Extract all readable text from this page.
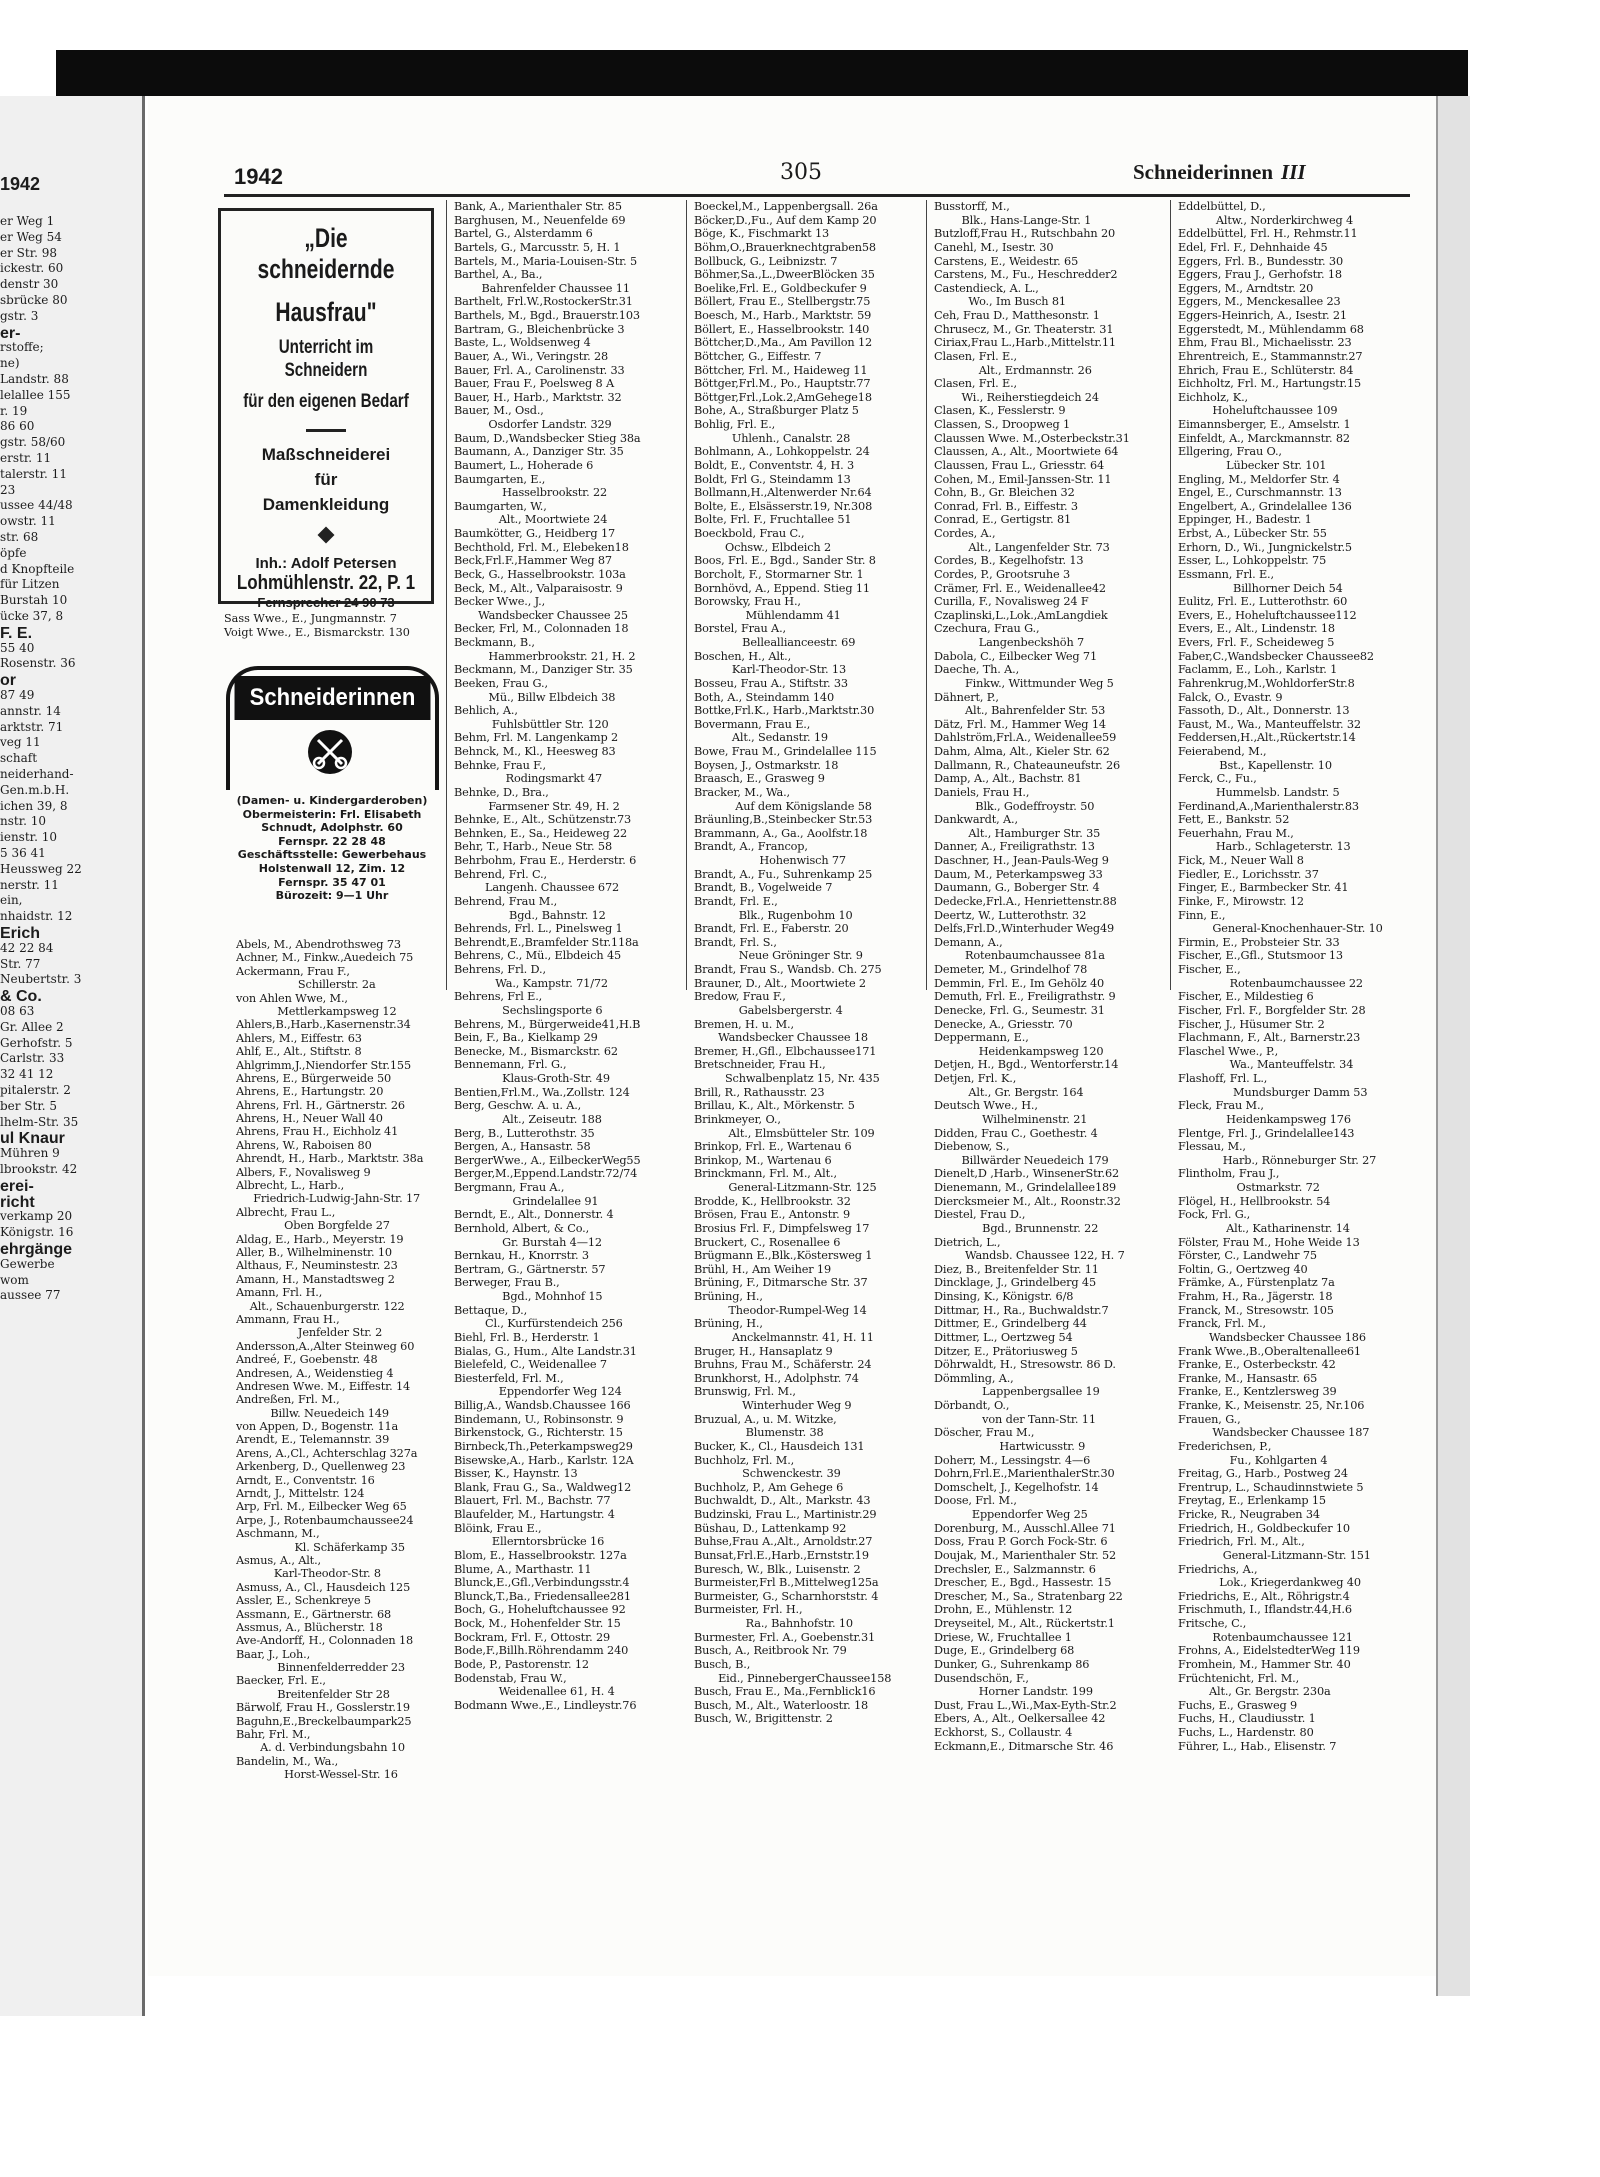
1942
er Weg 1
er Weg 54
er Str. 98
ickestr. 60
denstr 30
sbrücke 80
gstr. 3
er-
rstoffe;
ne)
Landstr. 88
lelallee 155
r. 19
86 60
gstr. 58/60
erstr. 11
talerstr. 11
23
ussee 44/48
owstr. 11
str. 68
öpfe
d Knopfteile
für Litzen
Burstah 10
ücke 37, 8
F. E.
55 40
Rosenstr. 36
or
87 49
annstr. 14
arktstr. 71
veg 11
schaft
neiderhand-
Gen.m.b.H.
ichen 39, 8
nstr. 10
ienstr. 10
5 36 41
Heussweg 22
nerstr. 11
ein,
nhaidstr. 12
Erich
42 22 84
Str. 77
Neubertstr. 3
& Co.
08 63
Gr. Allee 2
Gerhofstr. 5
Carlstr. 33
32 41 12
pitalerstr. 2
ber Str. 5
lhelm-Str. 35
ul Knaur
Mühren 9
lbrookstr. 42
erei-
richt
verkamp 20
Königstr. 16
ehrgänge
Gewerbe
wom
aussee 77
1942	305	Schneiderinnen III
„Die schneidernde
Hausfrau"
Unterricht im Schneidern
für den eigenen Bedarf
Maßschneiderei
für
Damenkleidung
Inh.: Adolf Petersen
Lohmühlenstr. 22, P. 1
Fernsprecher 24 90 73
Sass Wwe., E., Jungmannstr. 7
Voigt Wwe., E., Bismarckstr. 130
Schneiderinnen
(Damen- u. Kindergarderoben)
Obermeisterin: Frl. Elisabeth
Schnudt, Adolphstr. 60
Fernspr. 22 28 48
Geschäftsstelle: Gewerbehaus
Holstenwall 12, Zim. 12
Fernspr. 35 47 01
Bürozeit: 9—1 Uhr
Abels, M., Abendrothsweg 73
Achner, M., Finkw.,Auedeich 75
Ackermann, Frau F.,
Schillerstr. 2a
von Ahlen Wwe, M.,
Mettlerkampsweg 12
Ahlers,B.,Harb.,Kasernenstr.34
Ahlers, M., Eiffestr. 63
Ahlf, E., Alt., Stiftstr. 8
Ahlgrimm,J.,Niendorfer Str.155
Ahrens, E., Bürgerweide 50
Ahrens, E., Hartungstr. 20
Ahrens, Frl. H., Gärtnerstr. 26
Ahrens, H., Neuer Wall 40
Ahrens, Frau H., Eichholz 41
Ahrens, W., Raboisen 80
Ahrendt, H., Harb., Marktstr. 38a
Albers, F., Novalisweg 9
Albrecht, L., Harb.,
Friedrich-Ludwig-Jahn-Str. 17
Albrecht, Frau L.,
Oben Borgfelde 27
Aldag, E., Harb., Meyerstr. 19
Aller, B., Wilhelminenstr. 10
Althaus, F., Neuminstestr. 23
Amann, H., Manstadtsweg 2
Amann, Frl. H.,
Alt., Schauenburgerstr. 122
Ammann, Frau H.,
Jenfelder Str. 2
Andersson,A.,Alter Steinweg 60
Andreé, F., Goebenstr. 48
Andresen, A., Weidenstieg 4
Andresen Wwe. M., Eiffestr. 14
Andreßen, Frl. M.,
Billw. Neuedeich 149
von Appen, D., Bogenstr. 11a
Arendt, E., Telemannstr. 39
Arens, A.,Cl., Achterschlag 327a
Arkenberg, D., Quellenweg 23
Arndt, E., Conventstr. 16
Arndt, J., Mittelstr. 124
Arp, Frl. M., Eilbecker Weg 65
Arpe, J., Rotenbaumchaussee24
Aschmann, M.,
Kl. Schäferkamp 35
Asmus, A., Alt.,
Karl-Theodor-Str. 8
Asmuss, A., Cl., Hausdeich 125
Assler, E., Schenkreye 5
Assmann, E., Gärtnerstr. 68
Assmus, A., Blücherstr. 18
Ave-Andorff, H., Colonnaden 18
Baar, J., Loh.,
Binnenfelderredder 23
Baecker, Frl. E.,
Breitenfelder Str 28
Bärwolf, Frau H., Gosslerstr.19
Baguhn,E.,Breckelbaumpark25
Bahr, Frl. M.,
A. d. Verbindungsbahn 10
Bandelin, M., Wa.,
Horst-Wessel-Str. 16
Bank, A., Marienthaler Str. 85
Barghusen, M., Neuenfelde 69
Bartel, G., Alsterdamm 6
Bartels, G., Marcusstr. 5, H. 1
Bartels, M., Maria-Louisen-Str. 5
Barthel, A., Ba.,
Bahrenfelder Chaussee 11
Barthelt, Frl.W.,RostockerStr.31
Barthels, M., Bgd., Brauerstr.103
Bartram, G., Bleichenbrücke 3
Baste, L., Woldsenweg 4
Bauer, A., Wi., Veringstr. 28
Bauer, Frl. A., Carolinenstr. 33
Bauer, Frau F., Poelsweg 8 A
Bauer, H., Harb., Marktstr. 32
Bauer, M., Osd.,
Osdorfer Landstr. 329
Baum, D.,Wandsbecker Stieg 38a
Baumann, A., Danziger Str. 35
Baumert, L., Hoherade 6
Baumgarten, E.,
Hasselbrookstr. 22
Baumgarten, W.,
Alt., Moortwiete 24
Baumkötter, G., Heidberg 17
Bechthold, Frl. M., Elebeken18
Beck,Frl.F.,Hammer Weg 87
Beck, G., Hasselbrookstr. 103a
Beck, M., Alt., Valparaisostr. 9
Becker Wwe., J.,
Wandsbecker Chaussee 25
Becker, Frl, M., Colonnaden 18
Beckmann, B.,
Hammerbrookstr. 21, H. 2
Beckmann, M., Danziger Str. 35
Beeken, Frau G.,
Mü., Billw Elbdeich 38
Behlich, A.,
Fuhlsbüttler Str. 120
Behm, Frl. M. Langenkamp 2
Behnck, M., Kl., Heesweg 83
Behnke, Frau F.,
Rodingsmarkt 47
Behnke, D., Bra.,
Farmsener Str. 49, H. 2
Behnke, E., Alt., Schützenstr.73
Behnken, E., Sa., Heideweg 22
Behr, T., Harb., Neue Str. 58
Behrbohm, Frau E., Herderstr. 6
Behrend, Frl. C.,
Langenh. Chaussee 672
Behrend, Frau M.,
Bgd., Bahnstr. 12
Behrends, Frl. L., Pinelsweg 1
Behrendt,E.,Bramfelder Str.118a
Behrens, C., Mü., Elbdeich 45
Behrens, Frl. D.,
Wa., Kampstr. 71/72
Behrens, Frl E.,
Sechslingsporte 6
Behrens, M., Bürgerweide41,H.B
Bein, F., Ba., Kielkamp 29
Benecke, M., Bismarckstr. 62
Bennemann, Frl. G.,
Klaus-Groth-Str. 49
Bentien,Frl.M., Wa.,Zollstr. 124
Berg, Geschw. A. u. A.,
Alt., Zeiseutr. 188
Berg, B., Lutterothstr. 35
Bergen, A., Hansastr. 58
BergerWwe., A., EilbeckerWeg55
Berger,M.,Eppend.Landstr.72/74
Bergmann, Frau A.,
Grindelallee 91
Berndt, E., Alt., Donnerstr. 4
Bernhold, Albert, & Co.,
Gr. Burstah 4—12
Bernkau, H., Knorrstr. 3
Bertram, G., Gärtnerstr. 57
Berweger, Frau B.,
Bgd., Mohnhof 15
Bettaque, D.,
Cl., Kurfürstendeich 256
Biehl, Frl. B., Herderstr. 1
Bialas, G., Hum., Alte Landstr.31
Bielefeld, C., Weidenallee 7
Biesterfeld, Frl. M.,
Eppendorfer Weg 124
Billig,A., Wandsb.Chaussee 166
Bindemann, U., Robinsonstr. 9
Birkenstock, G., Richterstr. 15
Birnbeck,Th.,Peterkampsweg29
Bisewske,A., Harb., Karlstr. 12A
Bisser, K., Haynstr. 13
Blank, Frau G., Sa., Waldweg12
Blauert, Frl. M., Bachstr. 77
Blaufelder, M., Hartungstr. 4
Blöink, Frau E.,
Ellerntorsbrücke 16
Blom, E., Hasselbrookstr. 127a
Blume, A., Marthastr. 11
Blunck,E.,Gfl.,Verbindungsstr.4
Blunck,T.,Ba., Friedensallee281
Boch, G., Hoheluftchaussee 92
Bock, M., Hohenfelder Str. 15
Bockram, Frl. F., Ottostr. 29
Bode,F.,Billh.Röhrendamm 240
Bode, P., Pastorenstr. 12
Bodenstab, Frau W.,
Weidenallee 61, H. 4
Bodmann Wwe.,E., Lindleystr.76
Boeckel,M., Lappenbergsall. 26a
Böcker,D.,Fu., Auf dem Kamp 20
Böge, K., Fischmarkt 13
Böhm,O.,Brauerknechtgraben58
Bollbuck, G., Leibnizstr. 7
Böhmer,Sa.,L.,DweerBlöcken 35
Boelike,Frl. E., Goldbeckufer 9
Böllert, Frau E., Stellbergstr.75
Boesch, M., Harb., Marktstr. 59
Böllert, E., Hasselbrookstr. 140
Böttcher,D.,Ma., Am Pavillon 12
Böttcher, G., Eiffestr. 7
Böttcher, Frl. M., Haideweg 11
Böttger,Frl.M., Po., Hauptstr.77
Böttger,Frl.,Lok.2,AmGehege18
Bohe, A., Straßburger Platz 5
Bohlig, Frl. E.,
Uhlenh., Canalstr. 28
Bohlmann, A., Lohkoppelstr. 24
Boldt, E., Conventstr. 4, H. 3
Boldt, Frl G., Steindamm 13
Bollmann,H.,Altenwerder Nr.64
Bolte, E., Elsässerstr.19, Nr.308
Bolte, Frl. F., Fruchtallee 51
Boeckbold, Frau C.,
Ochsw., Elbdeich 2
Boos, Frl. E., Bgd., Sander Str. 8
Borcholt, F., Stormarner Str. 1
Bornhövd, A., Eppend. Stieg 11
Borowsky, Frau H.,
Mühlendamm 41
Borstel, Frau A.,
Belleallianceestr. 69
Boschen, H., Alt.,
Karl-Theodor-Str. 13
Bosseu, Frau A., Stiftstr. 33
Both, A., Steindamm 140
Bottke,Frl.K., Harb.,Marktstr.30
Bovermann, Frau E.,
Alt., Sedanstr. 19
Bowe, Frau M., Grindelallee 115
Boysen, J., Ostmarkstr. 18
Braasch, E., Grasweg 9
Bracker, M., Wa.,
Auf dem Königslande 58
Bräunling,B.,Steinbecker Str.53
Brammann, A., Ga., Aoolfstr.18
Brandt, A., Francop,
Hohenwisch 77
Brandt, A., Fu., Suhrenkamp 25
Brandt, B., Vogelweide 7
Brandt, Frl. E.,
Blk., Rugenbohm 10
Brandt, Frl. E., Faberstr. 20
Brandt, Frl. S.,
Neue Gröninger Str. 9
Brandt, Frau S., Wandsb. Ch. 275
Brauner, D., Alt., Moortwiete 2
Bredow, Frau F.,
Gabelsbergerstr. 4
Bremen, H. u. M.,
Wandsbecker Chaussee 18
Bremer, H.,Gfl., Elbchaussee171
Bretschneider, Frau H.,
Schwalbenplatz 15, Nr. 435
Brill, R., Rathausstr. 23
Brillau, K., Alt., Mörkenstr. 5
Brinkmeyer, O.,
Alt., Elmsbütteler Str. 109
Brinkop, Frl. E., Wartenau 6
Brinkop, M., Wartenau 6
Brinckmann, Frl. M., Alt.,
General-Litzmann-Str. 125
Brodde, K., Hellbrookstr. 32
Brösen, Frau E., Antonstr. 9
Brosius Frl. F., Dimpfelsweg 17
Bruckert, C., Rosenallee 6
Brügmann E.,Blk.,Köstersweg 1
Brühl, H., Am Weiher 19
Brüning, F., Ditmarsche Str. 37
Brüning, H.,
Theodor-Rumpel-Weg 14
Brüning, H.,
Anckelmannstr. 41, H. 11
Bruger, H., Hansaplatz 9
Bruhns, Frau M., Schäferstr. 24
Brunkhorst, H., Adolphstr. 74
Brunswig, Frl. M.,
Winterhuder Weg 9
Bruzual, A., u. M. Witzke,
Blumenstr. 38
Bucker, K., Cl., Hausdeich 131
Buchholz, Frl. M.,
Schwenckestr. 39
Buchholz, P., Am Gehege 6
Buchwaldt, D., Alt., Markstr. 43
Budzinski, Frau L., Martinistr.29
Büshau, D., Lattenkamp 92
Buhse,Frau A.,Alt., Arnoldstr.27
Bunsat,Frl.E.,Harb.,Ernststr.19
Buresch, W., Blk., Luisenstr. 2
Burmeister,Frl B.,Mittelweg125a
Burmeister, G., Scharnhorststr. 4
Burmeister, Frl. H.,
Ra., Bahnhofstr. 10
Burmester, Frl. A., Goebenstr.31
Busch, A., Reitbrook Nr. 79
Busch, B.,
Eid., PinnebergerChaussee158
Busch, Frau E., Ma.,Fernblick16
Busch, M., Alt., Waterloostr. 18
Busch, W., Brigittenstr. 2
Busstorff, M.,
Blk., Hans-Lange-Str. 1
Butzloff,Frau H., Rutschbahn 20
Canehl, M., Isestr. 30
Carstens, E., Weidestr. 65
Carstens, M., Fu., Heschredder2
Castendieck, A. L.,
Wo., Im Busch 81
Ceh, Frau D., Matthesonstr. 1
Chrusecz, M., Gr. Theaterstr. 31
Ciriax,Frau L.,Harb.,Mittelstr.11
Clasen, Frl. E.,
Alt., Erdmannstr. 26
Clasen, Frl. E.,
Wi., Reiherstiegdeich 24
Clasen, K., Fesslerstr. 9
Classen, S., Droopweg 1
Claussen Wwe. M.,Osterbeckstr.31
Claussen, A., Alt., Moortwiete 64
Claussen, Frau L., Griesstr. 64
Cohen, M., Emil-Janssen-Str. 11
Cohn, B., Gr. Bleichen 32
Conrad, Frl. B., Eiffestr. 3
Conrad, E., Gertigstr. 81
Cordes, A.,
Alt., Langenfelder Str. 73
Cordes, B., Kegelhofstr. 13
Cordes, P., Grootsruhe 3
Crämer, Frl. E., Weidenallee42
Curilla, F., Novalisweg 24 F
Czaplinski,L.,Lok.,AmLangdiek
Czechura, Frau G.,
Langenbeckshöh 7
Dabola, C., Eilbecker Weg 71
Daeche, Th. A.,
Finkw., Wittmunder Weg 5
Dähnert, P.,
Alt., Bahrenfelder Str. 53
Dätz, Frl. M., Hammer Weg 14
Dahlström,Frl.A., Weidenallee59
Dahm, Alma, Alt., Kieler Str. 62
Dallmann, R., Chateauneufstr. 26
Damp, A., Alt., Bachstr. 81
Daniels, Frau H.,
Blk., Godeffroystr. 50
Dankwardt, A.,
Alt., Hamburger Str. 35
Danner, A., Freiligrathstr. 13
Daschner, H., Jean-Pauls-Weg 9
Daum, M., Peterkampsweg 33
Daumann, G., Boberger Str. 4
Dedecke,Frl.A., Henriettenstr.88
Deertz, W., Lutterothstr. 32
Delfs,Frl.D.,Winterhuder Weg49
Demann, A.,
Rotenbaumchaussee 81a
Demeter, M., Grindelhof 78
Demmin, Frl. E., Im Gehölz 40
Demuth, Frl. E., Freiligrathstr. 9
Denecke, Frl. G., Seumestr. 31
Denecke, A., Griesstr. 70
Deppermann, E.,
Heidenkampsweg 120
Detjen, H., Bgd., Wentorferstr.14
Detjen, Frl. K.,
Alt., Gr. Bergstr. 164
Deutsch Wwe., H.,
Wilhelminenstr. 21
Didden, Frau C., Goethestr. 4
Diebenow, S.,
Billwärder Neuedeich 179
Dienelt,D ,Harb., WinsenerStr.62
Dienemann, M., Grindelallee189
Diercksmeier M., Alt., Roonstr.32
Diestel, Frau D.,
Bgd., Brunnenstr. 22
Dietrich, L.,
Wandsb. Chaussee 122, H. 7
Diez, B., Breitenfelder Str. 11
Dincklage, J., Grindelberg 45
Dinsing, K., Königstr. 6/8
Dittmar, H., Ra., Buchwaldstr.7
Dittmer, E., Grindelberg 44
Dittmer, L., Oertzweg 54
Ditzer, E., Prätoriusweg 5
Döhrwaldt, H., Stresowstr. 86 D.
Dömmling, A.,
Lappenbergsallee 19
Dörbandt, O.,
von der Tann-Str. 11
Döscher, Frau M.,
Hartwicusstr. 9
Doherr, M., Lessingstr. 4—6
Dohrn,Frl.E.,MarienthalerStr.30
Domschelt, J., Kegelhofstr. 14
Doose, Frl. M.,
Eppendorfer Weg 25
Dorenburg, M., Ausschl.Allee 71
Doss, Frau P. Gorch Fock-Str. 6
Doujak, M., Marienthaler Str. 52
Drechsler, E., Salzmannstr. 6
Drescher, E., Bgd., Hassestr. 15
Drescher, M., Sa., Stratenbarg 22
Drohn, E., Mühlenstr. 12
Dreyseitel, M., Alt., Rückertstr.1
Driese, W., Fruchtallee 1
Duge, E., Grindelberg 68
Dunker, G., Suhrenkamp 86
Dusendschön, F.,
Horner Landstr. 199
Dust, Frau L.,Wi.,Max-Eyth-Str.2
Ebers, A., Alt., Oelkersallee 42
Eckhorst, S., Collaustr. 4
Eckmann,E., Ditmarsche Str. 46
Eddelbüttel, D.,
Altw., Norderkirchweg 4
Eddelbüttel, Frl. H., Rehmstr.11
Edel, Frl. F., Dehnhaide 45
Eggers, Frl. B., Bundesstr. 30
Eggers, Frau J., Gerhofstr. 18
Eggers, M., Arndtstr. 20
Eggers, M., Menckesallee 23
Eggers-Heinrich, A., Isestr. 21
Eggerstedt, M., Mühlendamm 68
Ehm, Frau Bl., Michaelisstr. 23
Ehrentreich, E., Stammannstr.27
Ehrich, Frau E., Schlüterstr. 84
Eichholtz, Frl. M., Hartungstr.15
Eichholz, K.,
Hoheluftchaussee 109
Eimannsberger, E., Amselstr. 1
Einfeldt, A., Marckmannstr. 82
Ellgering, Frau O.,
Lübecker Str. 101
Engling, M., Meldorfer Str. 4
Engel, E., Curschmannstr. 13
Engelbert, A., Grindelallee 136
Eppinger, H., Badestr. 1
Erbst, A., Lübecker Str. 55
Erhorn, D., Wi., Jungnickelstr.5
Esser, L., Lohkoppelstr. 75
Essmann, Frl. E.,
Billhorner Deich 54
Eulitz, Frl. E., Lutterothstr. 60
Evers, E., Hoheluftchaussee112
Evers, E., Alt., Lindenstr. 18
Evers, Frl. F., Scheideweg 5
Faber,C.,Wandsbecker Chaussee82
Faclamm, E., Loh., Karlstr. 1
Fahrenkrug,M.,WohldorferStr.8
Falck, O., Evastr. 9
Fassoth, D., Alt., Donnerstr. 13
Faust, M., Wa., Manteuffelstr. 32
Feddersen,H.,Alt.,Rückertstr.14
Feierabend, M.,
Bst., Kapellenstr. 10
Ferck, C., Fu.,
Hummelsb. Landstr. 5
Ferdinand,A.,Marienthalerstr.83
Fett, E., Bankstr. 52
Feuerhahn, Frau M.,
Harb., Schlageterstr. 13
Fick, M., Neuer Wall 8
Fiedler, E., Lorichsstr. 37
Finger, E., Barmbecker Str. 41
Finke, F., Mirowstr. 12
Finn, E.,
General-Knochenhauer-Str. 10
Firmin, E., Probsteier Str. 33
Fischer, E.,Gfl., Stutsmoor 13
Fischer, E.,
Rotenbaumchaussee 22
Fischer, E., Mildestieg 6
Fischer, Frl. F., Borgfelder Str. 28
Fischer, J., Hüsumer Str. 2
Flachmann, F., Alt., Barnerstr.23
Flaschel Wwe., P.,
Wa., Manteuffelstr. 34
Flashoff, Frl. L.,
Mundsburger Damm 53
Fleck, Frau M.,
Heidenkampsweg 176
Flentge, Frl. J., Grindelallee143
Flessau, M.,
Harb., Rönneburger Str. 27
Flintholm, Frau J.,
Ostmarkstr. 72
Flögel, H., Hellbrookstr. 54
Fock, Frl. G.,
Alt., Katharinenstr. 14
Fölster, Frau M., Hohe Weide 13
Förster, C., Landwehr 75
Foltin, G., Oertzweg 40
Främke, A., Fürstenplatz 7a
Frahm, H., Ra., Jägerstr. 18
Franck, M., Stresowstr. 105
Franck, Frl. M.,
Wandsbecker Chaussee 186
Frank Wwe.,B.,Oberaltenallee61
Franke, E., Osterbeckstr. 42
Franke, M., Hansastr. 65
Franke, E., Kentzlersweg 39
Franke, K., Meisenstr. 25, Nr.106
Frauen, G.,
Wandsbecker Chaussee 187
Frederichsen, P.,
Fu., Kohlgarten 4
Freitag, G., Harb., Postweg 24
Frentrup, L., Schaudinnstwiete 5
Freytag, E., Erlenkamp 15
Fricke, R., Neugraben 34
Friedrich, H., Goldbeckufer 10
Friedrich, Frl. M., Alt.,
General-Litzmann-Str. 151
Friedrichs, A.,
Lok., Kriegerdankweg 40
Friedrichs, E., Alt., Röhrigstr.4
Frischmuth, I., Iflandstr.44,H.6
Fritsche, C.,
Rotenbaumchaussee 121
Frohns, A., EidelstedterWeg 119
Fromhein, M., Hammer Str. 40
Früchtenicht, Frl. M.,
Alt., Gr. Bergstr. 230a
Fuchs, E., Grasweg 9
Fuchs, H., Claudiusstr. 1
Fuchs, L., Hardenstr. 80
Führer, L., Hab., Elisenstr. 7
